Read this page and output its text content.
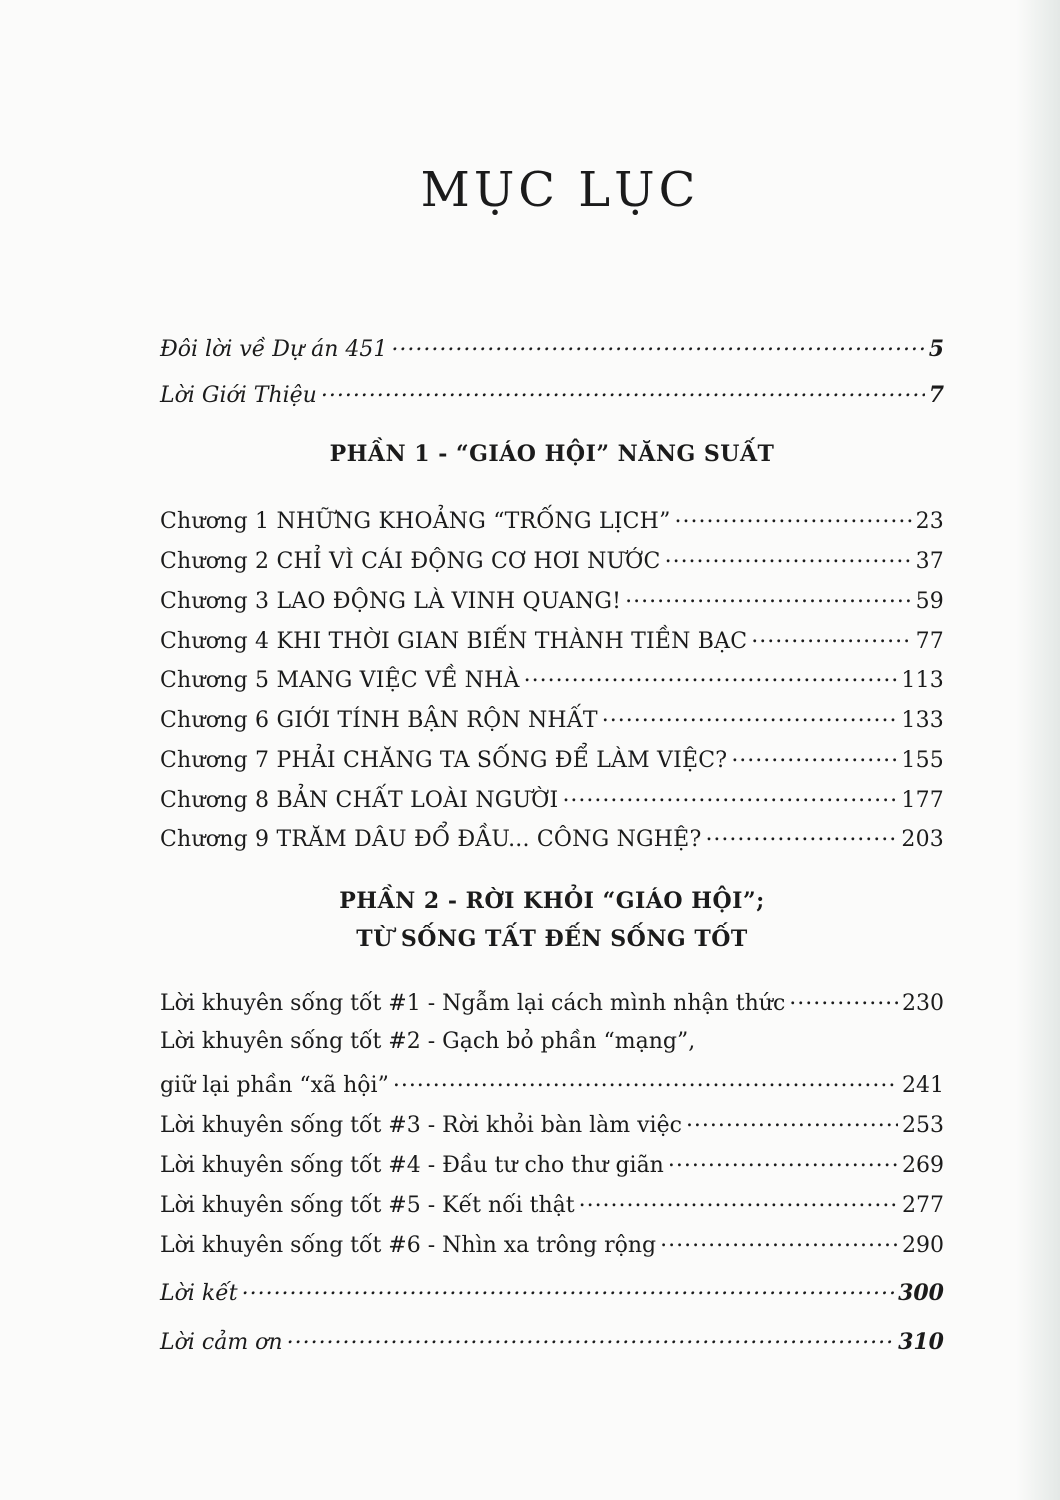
MỤC LỤC
Đôi lời về Dự án 451 .....	5
Lời Giới Thiệu .....	7
PHẦN 1 - “GIÁO HỘI” NĂNG SUẤT
Chương 1 NHỮNG KHOẢNG “TRỐNG LỊCH” .....	23
Chương 2 CHỈ VÌ CÁI ĐỘNG CƠ HƠI NƯỚC .....	37
Chương 3 LAO ĐỘNG LÀ VINH QUANG! .....	59
Chương 4 KHI THỜI GIAN BIẾN THÀNH TIỀN BẠC .....	77
Chương 5 MANG VIỆC VỀ NHÀ .....	113
Chương 6 GIỚI TÍNH BẬN RỘN NHẤT .....	133
Chương 7 PHẢI CHĂNG TA SỐNG ĐỂ LÀM VIỆC? .....	155
Chương 8 BẢN CHẤT LOÀI NGƯỜI .....	177
Chương 9 TRĂM DÂU ĐỔ ĐẦU... CÔNG NGHỆ? .....	203
PHẦN 2 - RỜI KHỎI “GIÁO HỘI”;
TỪ SỐNG TẤT ĐẾN SỐNG TỐT
Lời khuyên sống tốt #1 - Ngẫm lại cách mình nhận thức .....	230
Lời khuyên sống tốt #2 - Gạch bỏ phần “mạng”,
giữ lại phần “xã hội” .....	241
Lời khuyên sống tốt #3 - Rời khỏi bàn làm việc .....	253
Lời khuyên sống tốt #4 - Đầu tư cho thư giãn .....	269
Lời khuyên sống tốt #5 - Kết nối thật .....	277
Lời khuyên sống tốt #6 - Nhìn xa trông rộng .....	290
Lời kết .....	300
Lời cảm ơn .....	310
